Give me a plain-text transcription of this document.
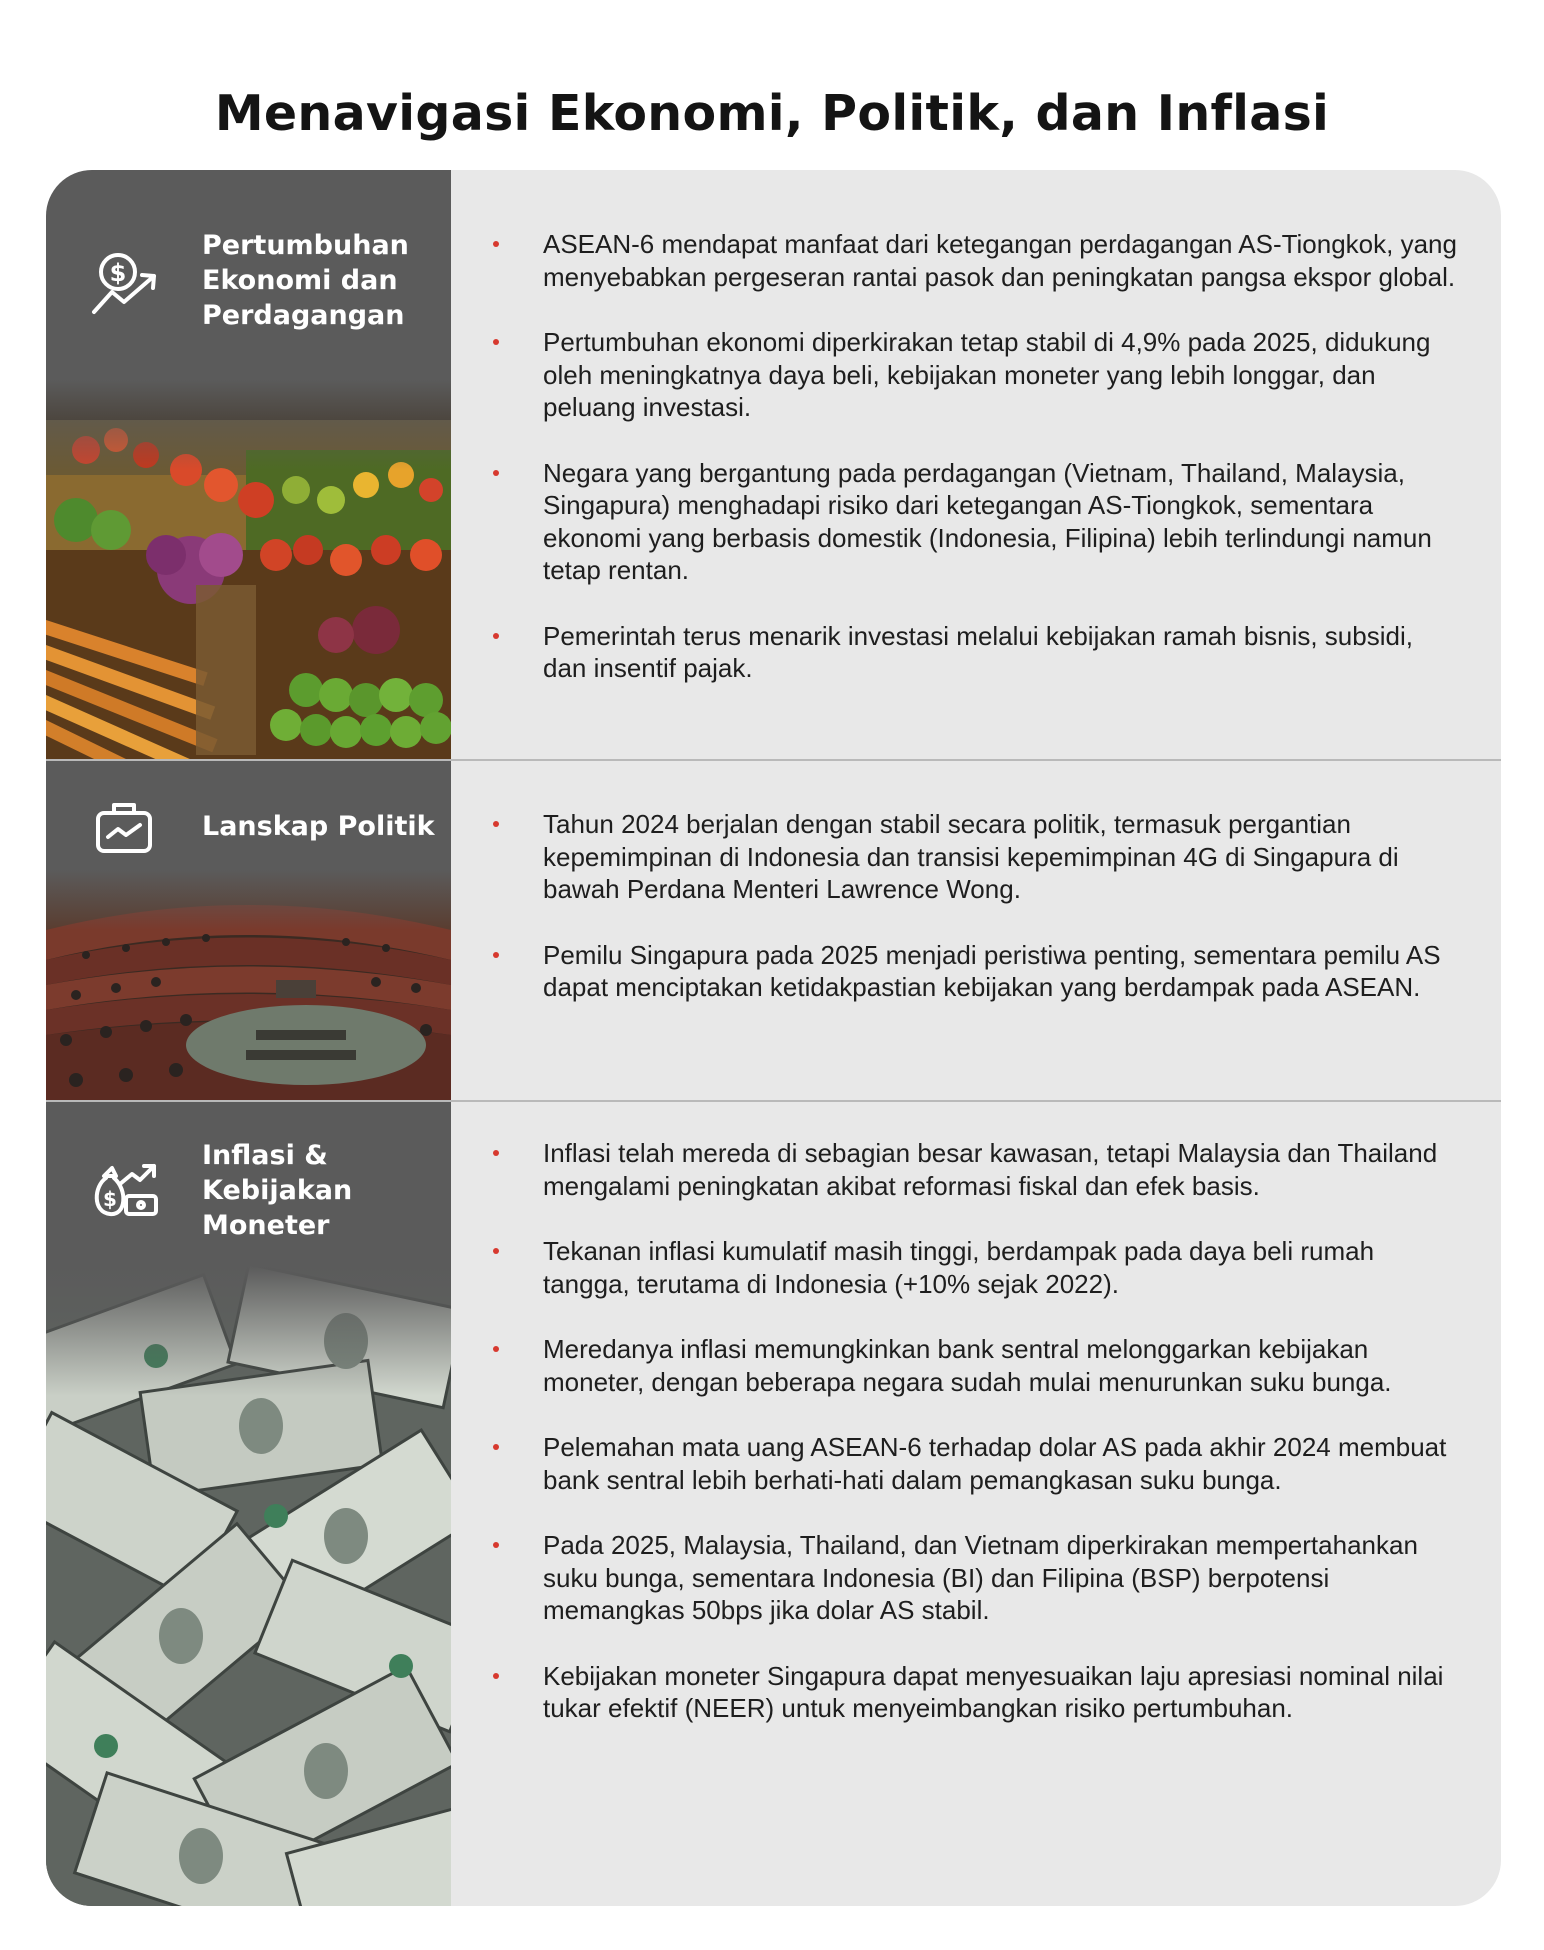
Menavigasi Ekonomi, Politik, dan Inflasi
$
Pertumbuhan
Ekonomi dan
Perdagangan
ASEAN-6 mendapat manfaat dari ketegangan perdagangan AS-Tiongkok, yang menyebabkan pergeseran rantai pasok dan peningkatan pangsa ekspor global.
Pertumbuhan ekonomi diperkirakan tetap stabil di 4,9% pada 2025, didukung oleh meningkatnya daya beli, kebijakan moneter yang lebih longgar, dan peluang investasi.
Negara yang bergantung pada perdagangan (Vietnam, Thailand, Malaysia, Singapura) menghadapi risiko dari ketegangan AS-Tiongkok, sementara ekonomi yang berbasis domestik (Indonesia, Filipina) lebih terlindungi namun tetap rentan.
Pemerintah terus menarik investasi melalui kebijakan ramah bisnis, subsidi, dan insentif pajak.
Lanskap Politik	Tahun 2024 berjalan dengan stabil secara politik, termasuk pergantian kepemimpinan di Indonesia dan transisi kepemimpinan 4G di Singapura di bawah Perdana Menteri Lawrence Wong.
Pemilu Singapura pada 2025 menjadi peristiwa penting, sementara pemilu AS dapat menciptakan ketidakpastian kebijakan yang berdampak pada ASEAN.
$
Inflasi &
Kebijakan
Moneter
Inflasi telah mereda di sebagian besar kawasan, tetapi Malaysia dan Thailand mengalami peningkatan akibat reformasi fiskal dan efek basis.
Tekanan inflasi kumulatif masih tinggi, berdampak pada daya beli rumah tangga, terutama di Indonesia (+10% sejak 2022).
Meredanya inflasi memungkinkan bank sentral melonggarkan kebijakan moneter, dengan beberapa negara sudah mulai menurunkan suku bunga.
Pelemahan mata uang ASEAN-6 terhadap dolar AS pada akhir 2024 membuat bank sentral lebih berhati-hati dalam pemangkasan suku bunga.
Pada 2025, Malaysia, Thailand, dan Vietnam diperkirakan mempertahankan suku bunga, sementara Indonesia (BI) dan Filipina (BSP) berpotensi memangkas 50bps jika dolar AS stabil.
Kebijakan moneter Singapura dapat menyesuaikan laju apresiasi nominal nilai tukar efektif (NEER) untuk menyeimbangkan risiko pertumbuhan.
